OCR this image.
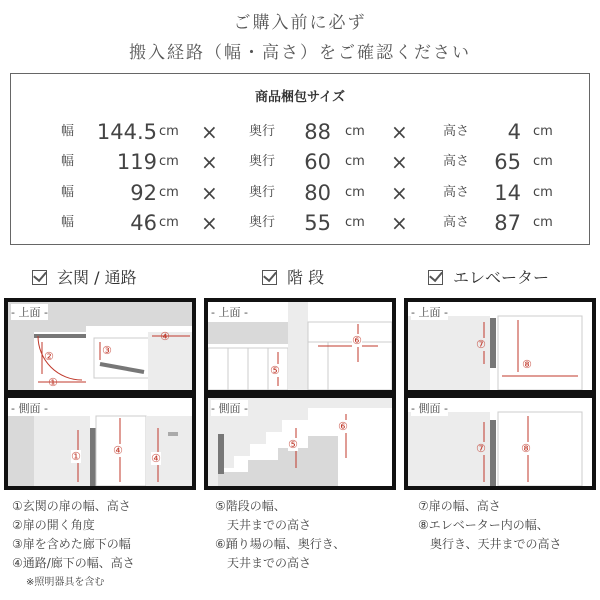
ご購入前に必ず
搬入経路（幅・高さ）をご確認ください
商品梱包サイズ
幅	144.5 cm × 奥行	88 cm ×	高さ	4 cm
幅	119 cm × 奥行	60 cm ×	高さ	65 cm
幅	92 cm × 奥行	80 cm ×	高さ	14 cm
幅	46 cm × 奥行	55 cm ×	高さ	87 cm
玄関 / 通路	階 段	エレベーター
- 上面 -
②	③
④
①
- 側面 -
①	④
④
- 上面 -
⑤
⑥
- 側面 -
⑤
⑥
- 上面 -
⑦
⑧
- 側面 -
⑦	⑧
①玄関の扉の幅、高さ
②扉の開く角度
③扉を含めた廊下の幅
④通路/廊下の幅、高さ
※照明器具を含む
⑤階段の幅、
　天井までの高さ
⑥踊り場の幅、奥行き、
　天井までの高さ
⑦扉の幅、高さ
⑧エレベーター内の幅、
　奥行き、天井までの高さ
